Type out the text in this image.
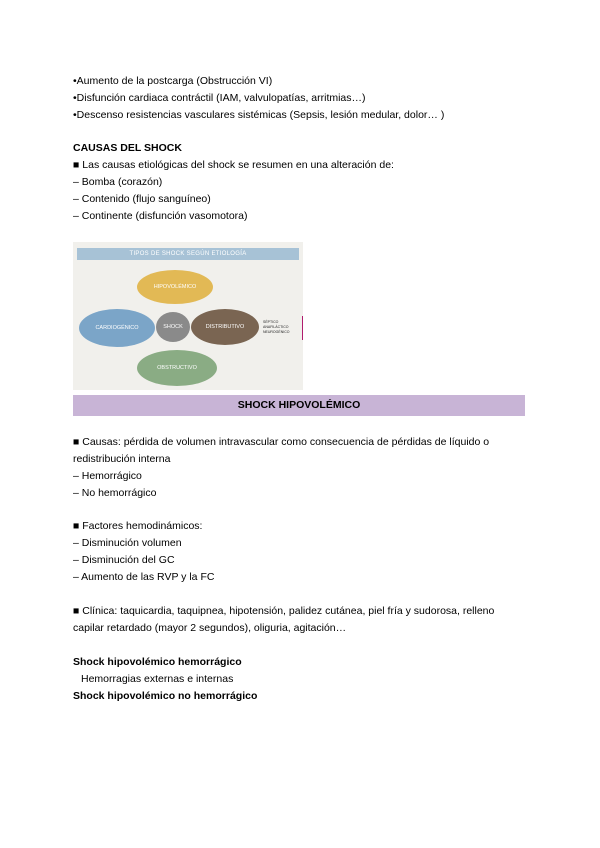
•Aumento de la postcarga (Obstrucción VI)
•Disfunción cardiaca contráctil (IAM, valvulopatías, arritmias…)
•Descenso resistencias vasculares sistémicas (Sepsis, lesión medular, dolor… )
CAUSAS DEL SHOCK
■ Las causas etiológicas del shock se resumen en una alteración de:
– Bomba (corazón)
– Contenido (flujo sanguíneo)
– Continente (disfunción vasomotora)
TIPOS DE SHOCK SEGÚN ETIOLOGÍA
HIPOVOLÉMICO
CARDIOGÉNICO	SHOCK	DISTRIBUTIVO
OBSTRUCTIVO
SÉPTICO
ANAFILÁCTICO
NEUROGÉNICO
SHOCK HIPOVOLÉMICO
■ Causas: pérdida de volumen intravascular como consecuencia de pérdidas de líquido o
redistribución interna
– Hemorrágico
– No hemorrágico
■ Factores hemodinámicos:
– Disminución volumen
– Disminución del GC
– Aumento de las RVP y la FC
■ Clínica: taquicardia, taquipnea, hipotensión, palidez cutánea, piel fría y sudorosa, relleno
capilar retardado (mayor 2 segundos), oliguria, agitación…
Shock hipovolémico hemorrágico
Hemorragias externas e internas
Shock hipovolémico no hemorrágico
